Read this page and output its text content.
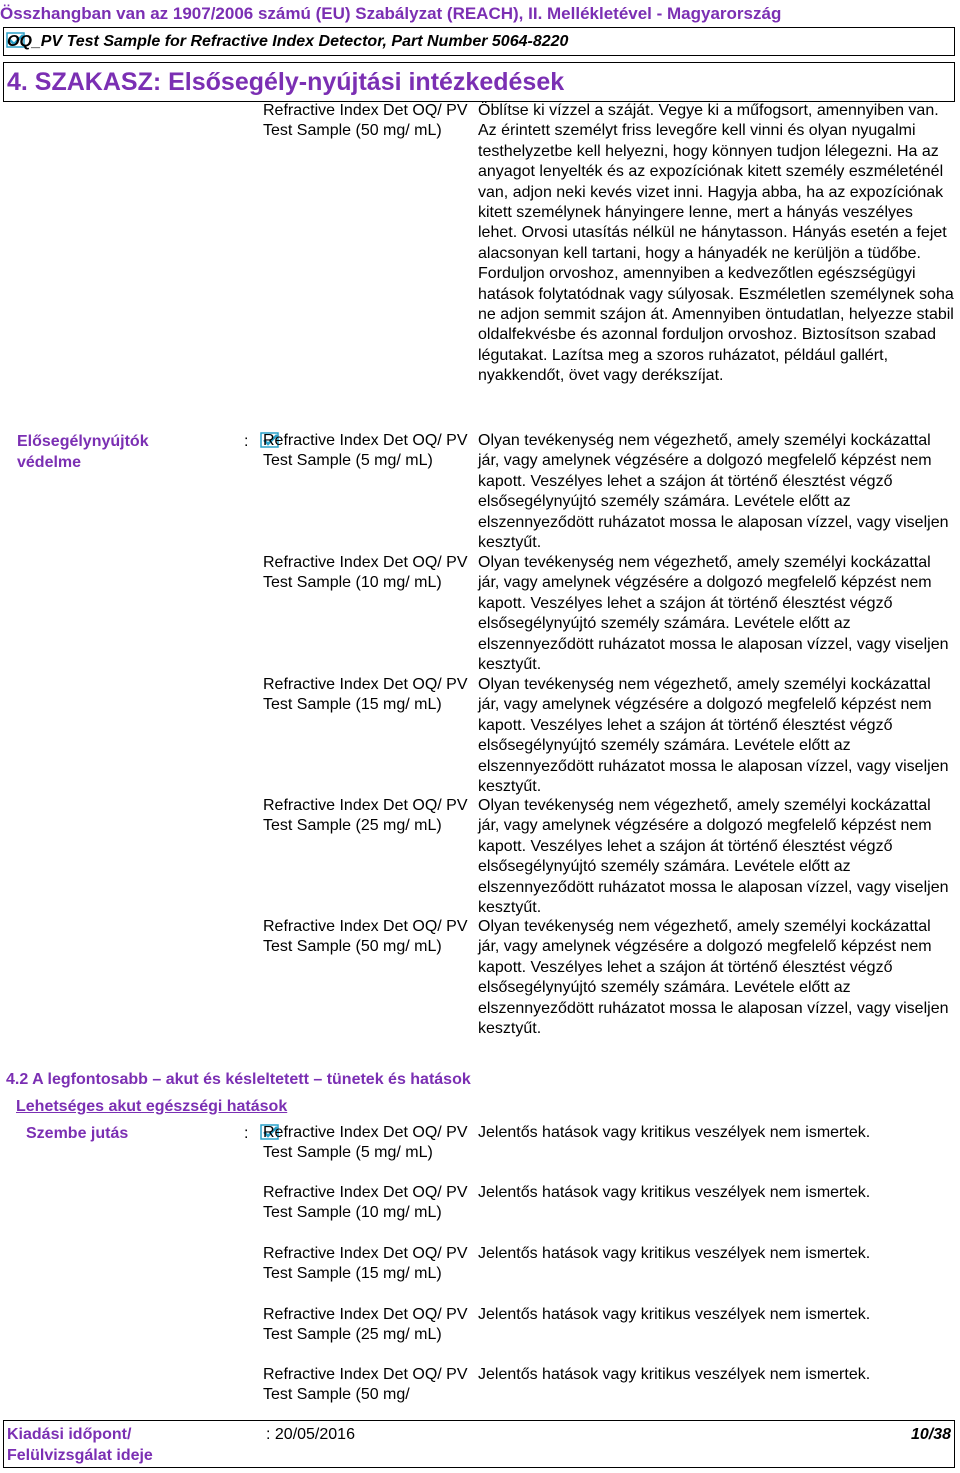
Összhangban van az 1907/2006 számú (EU) Szabályzat (REACH), II. Mellékletével - Magyarország
OQ_PV Test Sample for Refractive Index Detector, Part Number 5064-8220
4. SZAKASZ: Elsősegély-nyújtási intézkedések
Refractive Index Det OQ/ PV Test Sample (50 mg/ mL)
Öblítse ki vízzel a száját. Vegye ki a műfogsort, amennyiben van. Az érintett személyt friss levegőre kell vinni és olyan nyugalmi testhelyzetbe kell helyezni, hogy könnyen tudjon lélegezni. Ha az anyagot lenyelték és az expozíciónak kitett személy eszméleténél van, adjon neki kevés vizet inni. Hagyja abba, ha az expozíciónak kitett személynek hányingere lenne, mert a hányás veszélyes lehet. Orvosi utasítás nélkül ne hánytasson. Hányás esetén a fejet alacsonyan kell tartani, hogy a hányadék ne kerüljön a tüdőbe. Forduljon orvoshoz, amennyiben a kedvezőtlen egészségügyi hatások folytatódnak vagy súlyosak. Eszméletlen személynek soha ne adjon semmit szájon át. Amennyiben öntudatlan, helyezze stabil oldalfekvésbe és azonnal forduljon orvoshoz. Biztosítson szabad légutakat. Lazítsa meg a szoros ruházatot, például gallért, nyakkendőt, övet vagy derékszíjat.
Elősegélynyújtók védelme
: Refractive Index Det OQ/ PV Test Sample (5 mg/ mL)
Olyan tevékenység nem végezhető, amely személyi kockázattal jár, vagy amelynek végzésére a dolgozó megfelelő képzést nem kapott. Veszélyes lehet a szájon át történő élesztést végző elsősegélynyújtó személy számára. Levétele előtt az elszennyeződött ruházatot mossa le alaposan vízzel, vagy viseljen kesztyűt.
Refractive Index Det OQ/ PV Test Sample (10 mg/ mL)
Olyan tevékenység nem végezhető, amely személyi kockázattal jár, vagy amelynek végzésére a dolgozó megfelelő képzést nem kapott. Veszélyes lehet a szájon át történő élesztést végző elsősegélynyújtó személy számára. Levétele előtt az elszennyeződött ruházatot mossa le alaposan vízzel, vagy viseljen kesztyűt.
Refractive Index Det OQ/ PV Test Sample (15 mg/ mL)
Olyan tevékenység nem végezhető, amely személyi kockázattal jár, vagy amelynek végzésére a dolgozó megfelelő képzést nem kapott. Veszélyes lehet a szájon át történő élesztést végző elsősegélynyújtó személy számára. Levétele előtt az elszennyeződött ruházatot mossa le alaposan vízzel, vagy viseljen kesztyűt.
Refractive Index Det OQ/ PV Test Sample (25 mg/ mL)
Olyan tevékenység nem végezhető, amely személyi kockázattal jár, vagy amelynek végzésére a dolgozó megfelelő képzést nem kapott. Veszélyes lehet a szájon át történő élesztést végző elsősegélynyújtó személy számára. Levétele előtt az elszennyeződött ruházatot mossa le alaposan vízzel, vagy viseljen kesztyűt.
Refractive Index Det OQ/ PV Test Sample (50 mg/ mL)
Olyan tevékenység nem végezhető, amely személyi kockázattal jár, vagy amelynek végzésére a dolgozó megfelelő képzést nem kapott. Veszélyes lehet a szájon át történő élesztést végző elsősegélynyújtó személy számára. Levétele előtt az elszennyeződött ruházatot mossa le alaposan vízzel, vagy viseljen kesztyűt.
4.2 A legfontosabb – akut és késleltetett – tünetek és hatások
Lehetséges akut egészségi hatások
Szembe jutás	: Refractive Index Det OQ/ PV Test Sample (5 mg/ mL)
Jelentős hatások vagy kritikus veszélyek nem ismertek.
Refractive Index Det OQ/ PV Test Sample (10 mg/ mL)
Jelentős hatások vagy kritikus veszélyek nem ismertek.
Refractive Index Det OQ/ PV Test Sample (15 mg/ mL)
Jelentős hatások vagy kritikus veszélyek nem ismertek.
Refractive Index Det OQ/ PV Test Sample (25 mg/ mL)
Jelentős hatások vagy kritikus veszélyek nem ismertek.
Refractive Index Det OQ/ PV Test Sample (50 mg/
Jelentős hatások vagy kritikus veszélyek nem ismertek.
Kiadási időpont/ Felülvizsgálat ideje
: 20/05/2016	10/38
